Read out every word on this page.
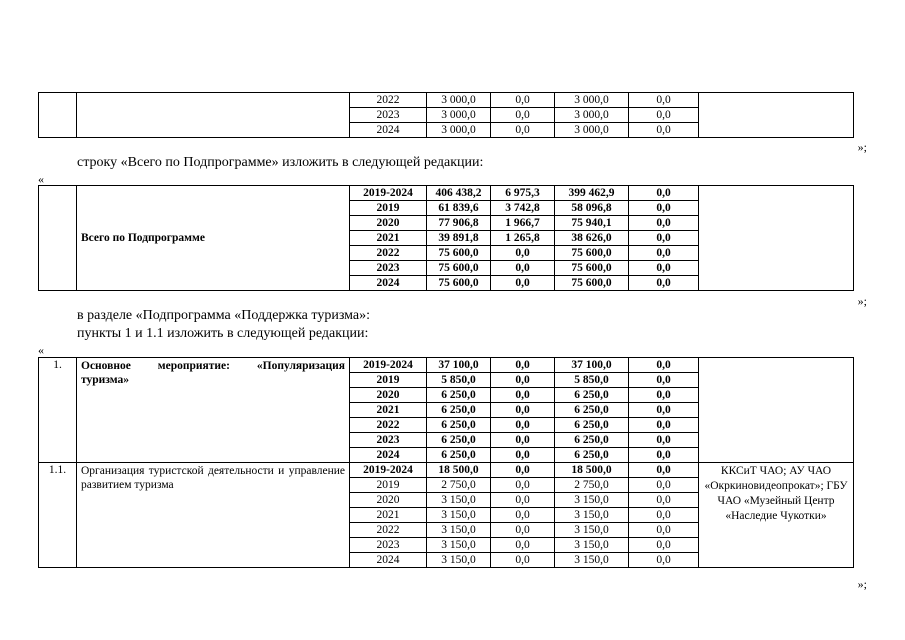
		2022	3 000,0	0,0	3 000,0	0,0	
		2023	3 000,0	0,0	3 000,0	0,0	
		2024	3 000,0	0,0	3 000,0	0,0	
»;
строку «Всего по Подпрограмме» изложить в следующей редакции:
«
	Всего по Подпрограмме	2019-2024	406 438,2	6 975,3	399 462,9	0,0	
		2019	61 839,6	3 742,8	58 096,8	0,0	
		2020	77 906,8	1 966,7	75 940,1	0,0	
		2021	39 891,8	1 265,8	38 626,0	0,0	
		2022	75 600,0	0,0	75 600,0	0,0	
		2023	75 600,0	0,0	75 600,0	0,0	
		2024	75 600,0	0,0	75 600,0	0,0	
»;
в разделе «Подпрограмма «Поддержка туризма»:
пункты 1 и 1.1 изложить в следующей редакции:
«
1.	Основное мероприятие: «Популяризация туризма»	2019-2024	37 100,0	0,0	37 100,0	0,0	
		2019	5 850,0	0,0	5 850,0	0,0	
		2020	6 250,0	0,0	6 250,0	0,0	
		2021	6 250,0	0,0	6 250,0	0,0	
		2022	6 250,0	0,0	6 250,0	0,0	
		2023	6 250,0	0,0	6 250,0	0,0	
		2024	6 250,0	0,0	6 250,0	0,0	
1.1.	Организация туристской деятельности и управление развитием туризма	2019-2024	18 500,0	0,0	18 500,0	0,0	ККСиТ ЧАО; АУ ЧАО «Окркиновидеопрокат»; ГБУ ЧАО «Музейный Центр «Наследие Чукотки»
		2019	2 750,0	0,0	2 750,0	0,0	
		2020	3 150,0	0,0	3 150,0	0,0	
		2021	3 150,0	0,0	3 150,0	0,0	
		2022	3 150,0	0,0	3 150,0	0,0	
		2023	3 150,0	0,0	3 150,0	0,0	
		2024	3 150,0	0,0	3 150,0	0,0	
»;
